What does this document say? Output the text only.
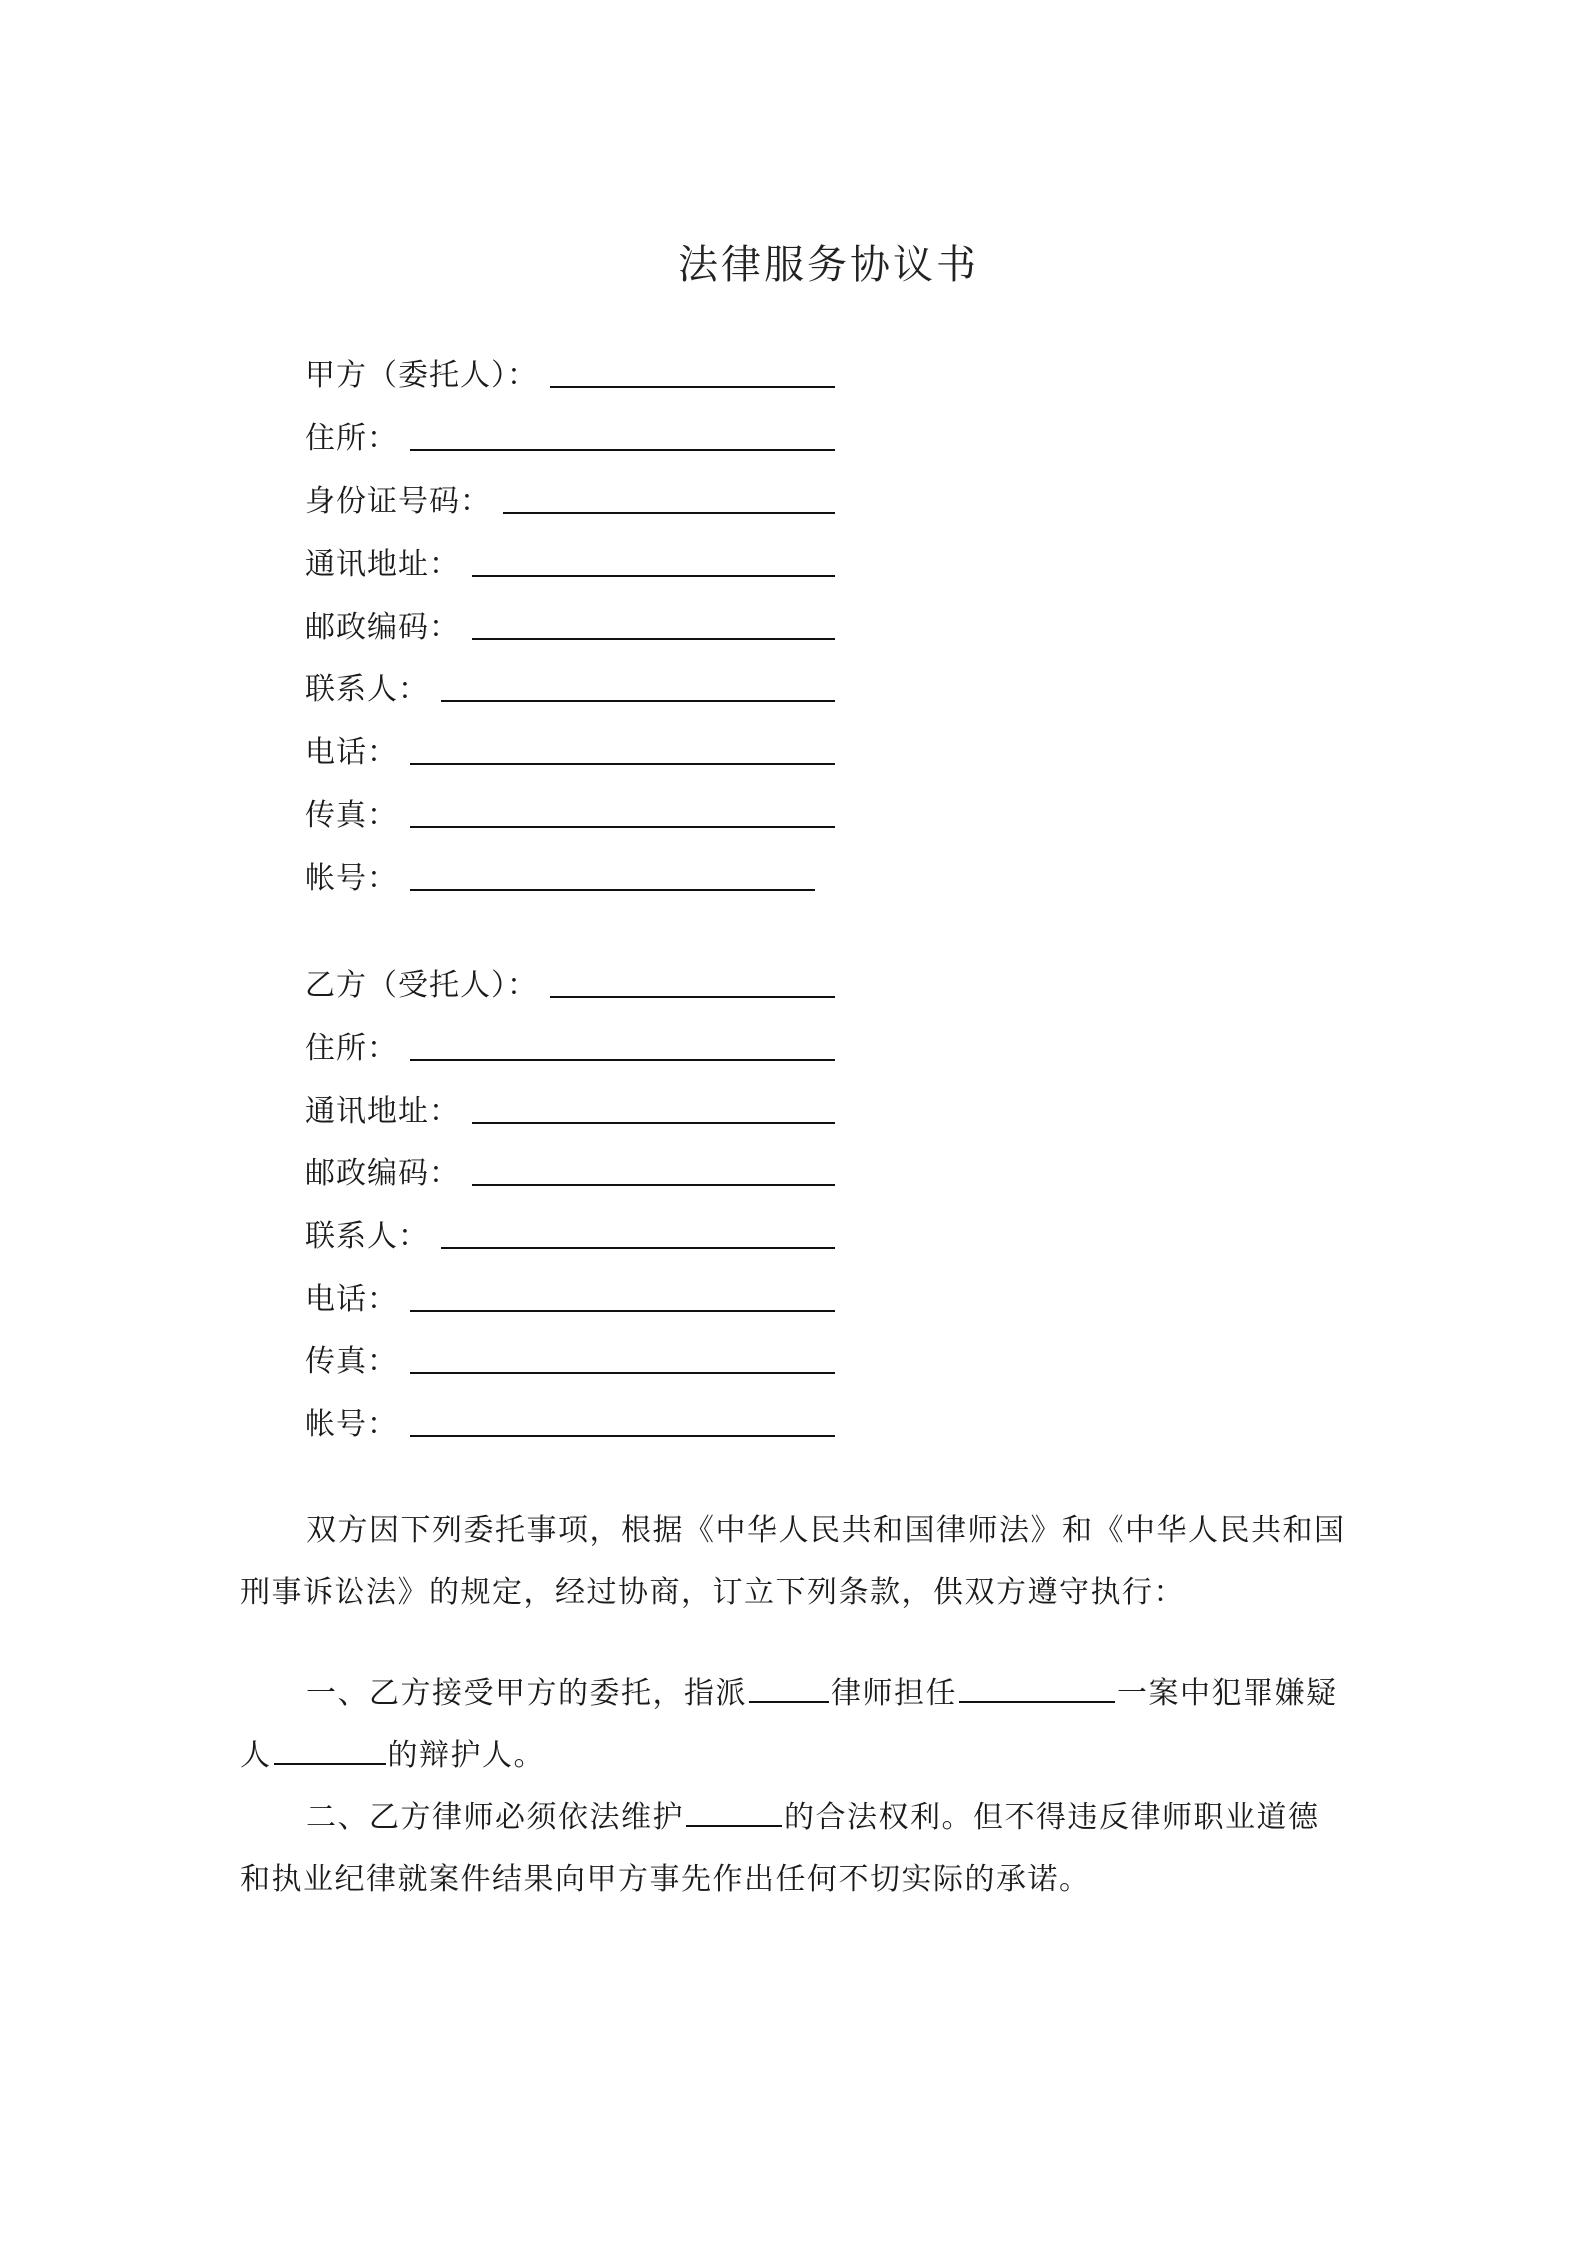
法律服务协议书
甲方（委托人）：
住所：
身份证号码：
通讯地址：
邮政编码：
联系人：
电话：
传真：
帐号：
乙方（受托人）：
住所：
通讯地址：
邮政编码：
联系人：
电话：
传真：
帐号：
双方因下列委托事项，根据《中华人民共和国律师法》和《中华人民共和国
刑事诉讼法》的规定，经过协商，订立下列条款，供双方遵守执行：
一、乙方接受甲方的委托，指派	律师担任	一案中犯罪嫌疑
人	的辩护人。
二、乙方律师必须依法维护	的合法权利。但不得违反律师职业道德
和执业纪律就案件结果向甲方事先作出任何不切实际的承诺。
